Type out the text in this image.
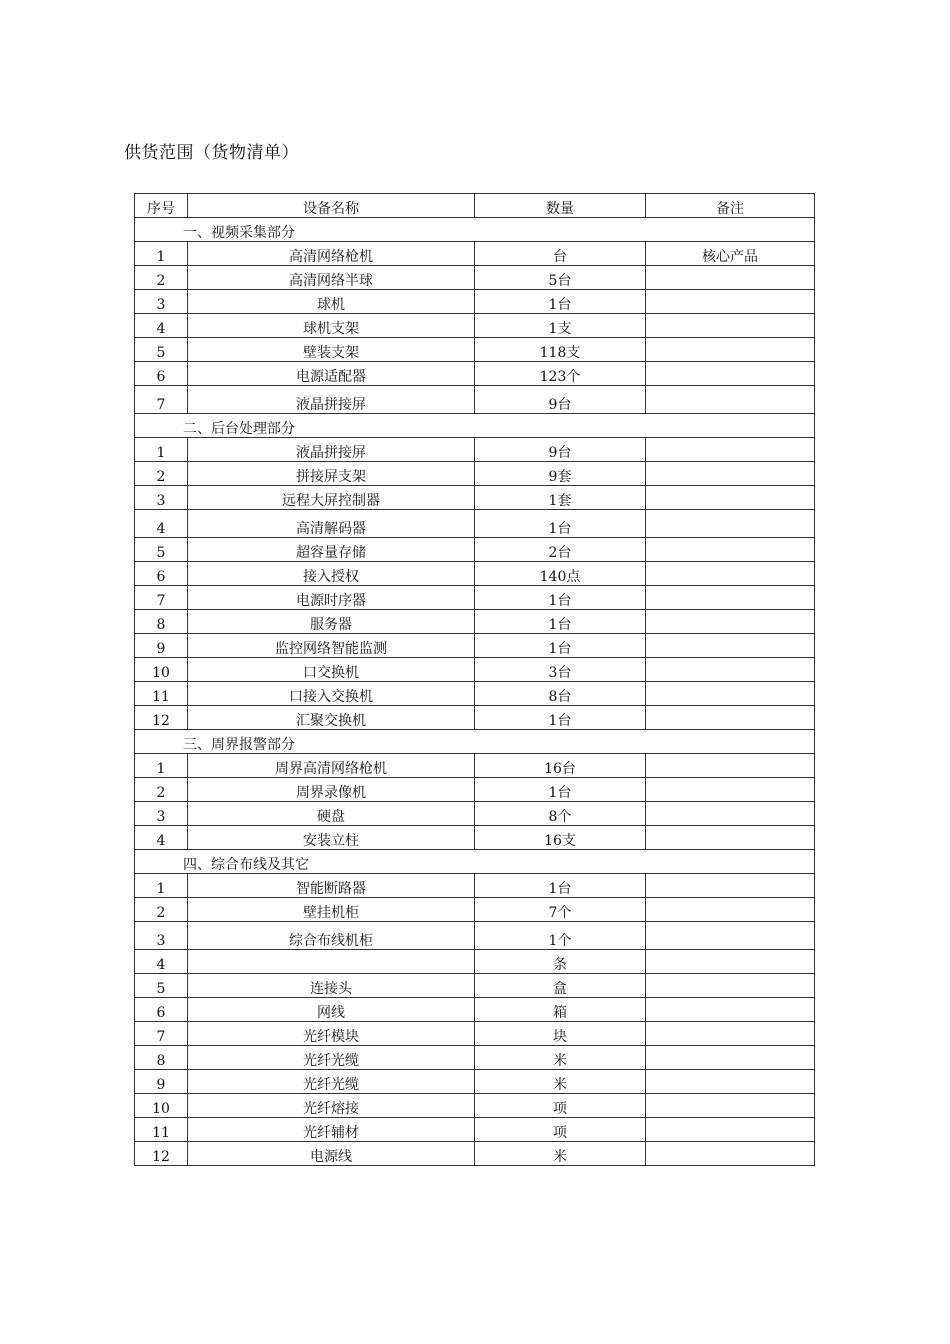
供货范围（货物清单）
序号	设备名称	数量	备注
一、视频采集部分			
1	高清网络枪机	台	核心产品
2	高清网络半球	5台	
3	球机	1台	
4	球机支架	1支	
5	壁装支架	118支	
6	电源适配器	123个	
7	液晶拼接屏	9台	
二、后台处理部分			
1	液晶拼接屏	9台	
2	拼接屏支架	9套	
3	远程大屏控制器	1套	
4	高清解码器	1台	
5	超容量存储	2台	
6	接入授权	140点	
7	电源时序器	1台	
8	服务器	1台	
9	监控网络智能监测	1台	
10	口交换机	3台	
11	口接入交换机	8台	
12	汇聚交换机	1台	
三、周界报警部分			
1	周界高清网络枪机	16台	
2	周界录像机	1台	
3	硬盘	8个	
4	安装立柱	16支	
四、综合布线及其它			
1	智能断路器	1台	
2	壁挂机柜	7个	
3	综合布线机柜	1个	
4		条	
5	连接头	盒	
6	网线	箱	
7	光纤模块	块	
8	光纤光缆	米	
9	光纤光缆	米	
10	光纤熔接	项	
11	光纤辅材	项	
12	电源线	米	
